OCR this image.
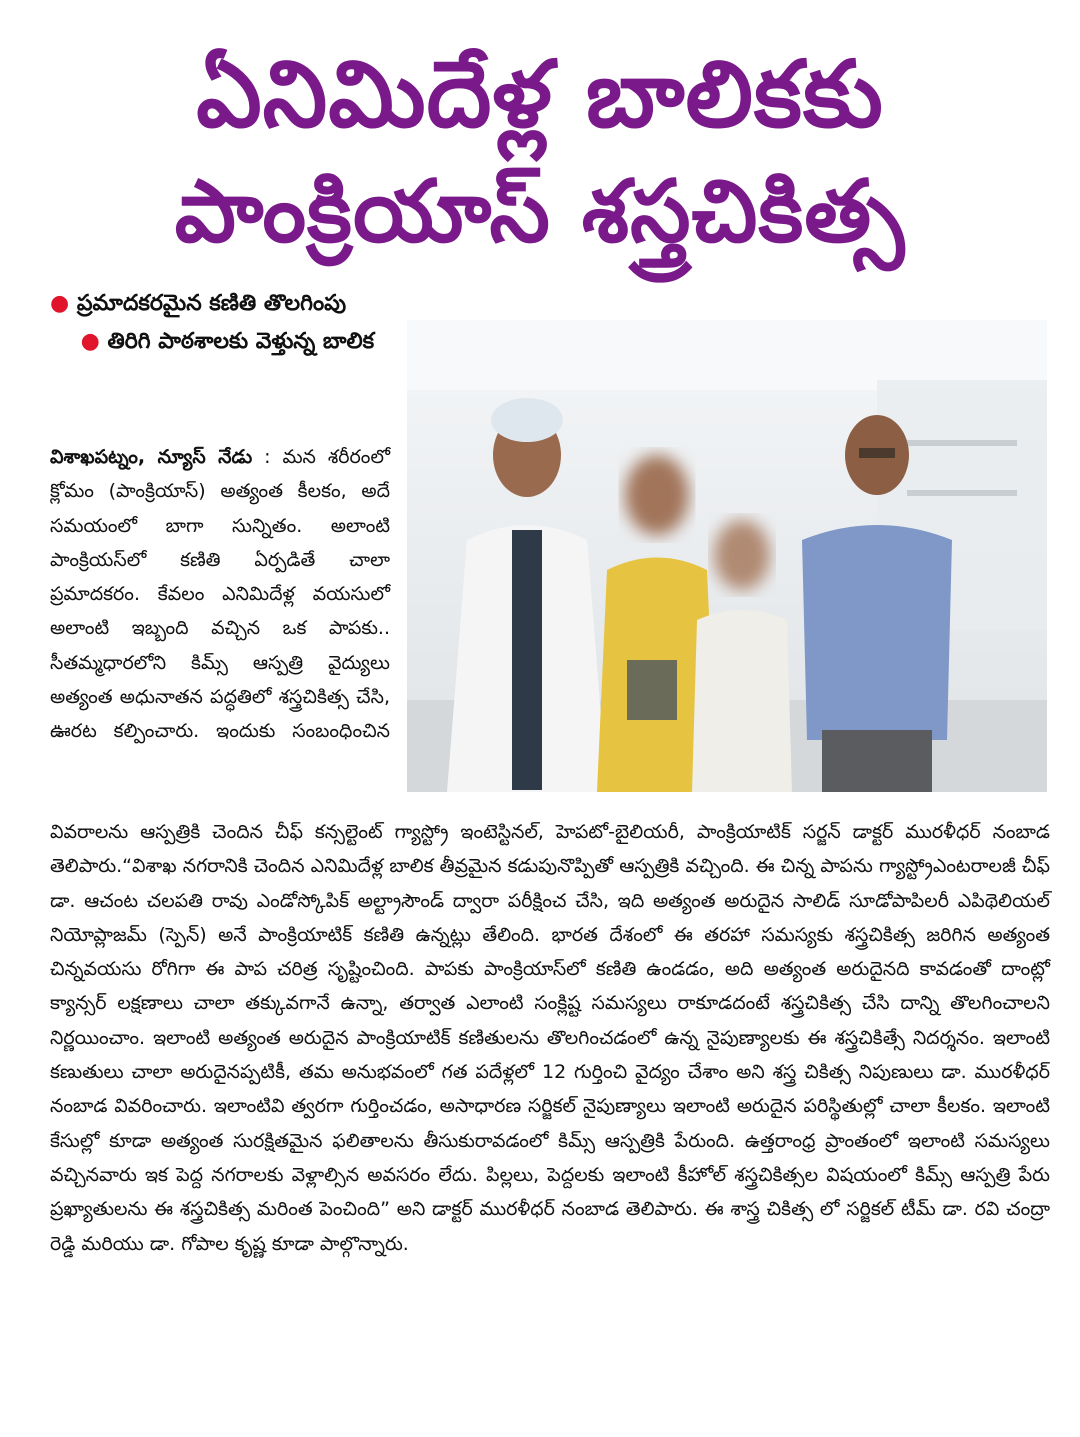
ఏనిమిదేళ్ల బాలికకు
పాంక్రియాస్ శస్త్రచికిత్స
● ప్రమాదకరమైన కణితి తొలగింపు     ● తిరిగి పాఠశాలకు వెళ్తున్న బాలిక

విశాఖపట్నం, న్యూస్ నేడు : మన శరీరంలో క్లోమం (పాంక్రియాస్) అత్యంత కీలకం, అదే సమయంలో బాగా సున్నితం. అలాంటి పాంక్రియస్‌లో కణితి ఏర్పడితే చాలా ప్రమాదకరం. కేవలం ఎనిమిదేళ్ల వయసులో అలాంటి ఇబ్బంది వచ్చిన ఒక పాపకు.. సీతమ్మధారలోని కిమ్స్ ఆస్పత్రి వైద్యులు అత్యంత అధునాతన పద్ధతిలో శస్త్రచికిత్స చేసి, ఊరట కల్పించారు. ఇందుకు సంబంధించిన

వివరాలను ఆస్పత్రికి చెందిన చీఫ్ కన్సల్టెంట్ గ్యాస్ట్రో ఇంటెస్టినల్, హెపటో-బైలియరీ, పాంక్రియాటిక్ సర్జన్ డాక్టర్ మురళీధర్ నంబాడ తెలిపారు.“విశాఖ నగరానికి చెందిన ఎనిమిదేళ్ల బాలిక తీవ్రమైన కడుపునొప్పితో ఆస్పత్రికి వచ్చింది. ఈ చిన్న పాపను గ్యాస్ట్రోఎంటరాలజీ చీఫ్ డా. ఆచంట చలపతి రావు ఎండోస్కోపిక్ అల్ట్రాసౌండ్ ద్వారా పరీక్షించ చేసి, ఇది అత్యంత అరుదైన సాలిడ్ సూడోపాపిలరీ ఎపిథెలియల్ నియోప్లాజమ్ (స్పెన్) అనే పాంక్రియాటిక్ కణితి ఉన్నట్లు తేలింది. భారత దేశంలో ఈ తరహా సమస్యకు శస్త్రచికిత్స జరిగిన అత్యంత చిన్నవయసు రోగిగా ఈ పాప చరిత్ర సృష్టించింది. పాపకు పాంక్రియాస్‌లో కణితి ఉండడం, అది అత్యంత అరుదైనది కావడంతో దాంట్లో క్యాన్సర్ లక్షణాలు చాలా తక్కువగానే ఉన్నా, తర్వాత ఎలాంటి సంక్లిష్ట సమస్యలు రాకూడదంటే శస్త్రచికిత్స చేసి దాన్ని తొలగించాలని నిర్ణయించాం. ఇలాంటి అత్యంత అరుదైన పాంక్రియాటిక్ కణితులను తొలగించడంలో ఉన్న నైపుణ్యాలకు ఈ శస్త్రచికిత్సే నిదర్శనం. ఇలాంటి కణుతులు చాలా అరుదైనప్పటికీ, తమ అనుభవంలో గత పదేళ్లలో 12 గుర్తించి వైద్యం చేశాం అని శస్త్ర చికిత్స నిపుణులు డా. మురళీధర్ నంబాడ వివరించారు. ఇలాంటివి త్వరగా గుర్తించడం, అసాధారణ సర్జికల్ నైపుణ్యాలు ఇలాంటి అరుదైన పరిస్థితుల్లో చాలా కీలకం. ఇలాంటి కేసుల్లో కూడా అత్యంత సురక్షితమైన ఫలితాలను తీసుకురావడంలో కిమ్స్ ఆస్పత్రికి పేరుంది. ఉత్తరాంధ్ర ప్రాంతంలో ఇలాంటి సమస్యలు వచ్చినవారు ఇక పెద్ద నగరాలకు వెళ్లాల్సిన అవసరం లేదు. పిల్లలు, పెద్దలకు ఇలాంటి కీహోల్ శస్త్రచికిత్సల విషయంలో కిమ్స్ ఆస్పత్రి పేరు ప్రఖ్యాతులను ఈ శస్త్రచికిత్స మరింత పెంచింది” అని డాక్టర్ మురళీధర్ నంబాడ తెలిపారు. ఈ శాస్త్ర చికిత్స లో సర్జికల్ టీమ్ డా. రవి చంద్రా రెడ్డి మరియు డా. గోపాల కృష్ణ కూడా పాల్గొన్నారు.
